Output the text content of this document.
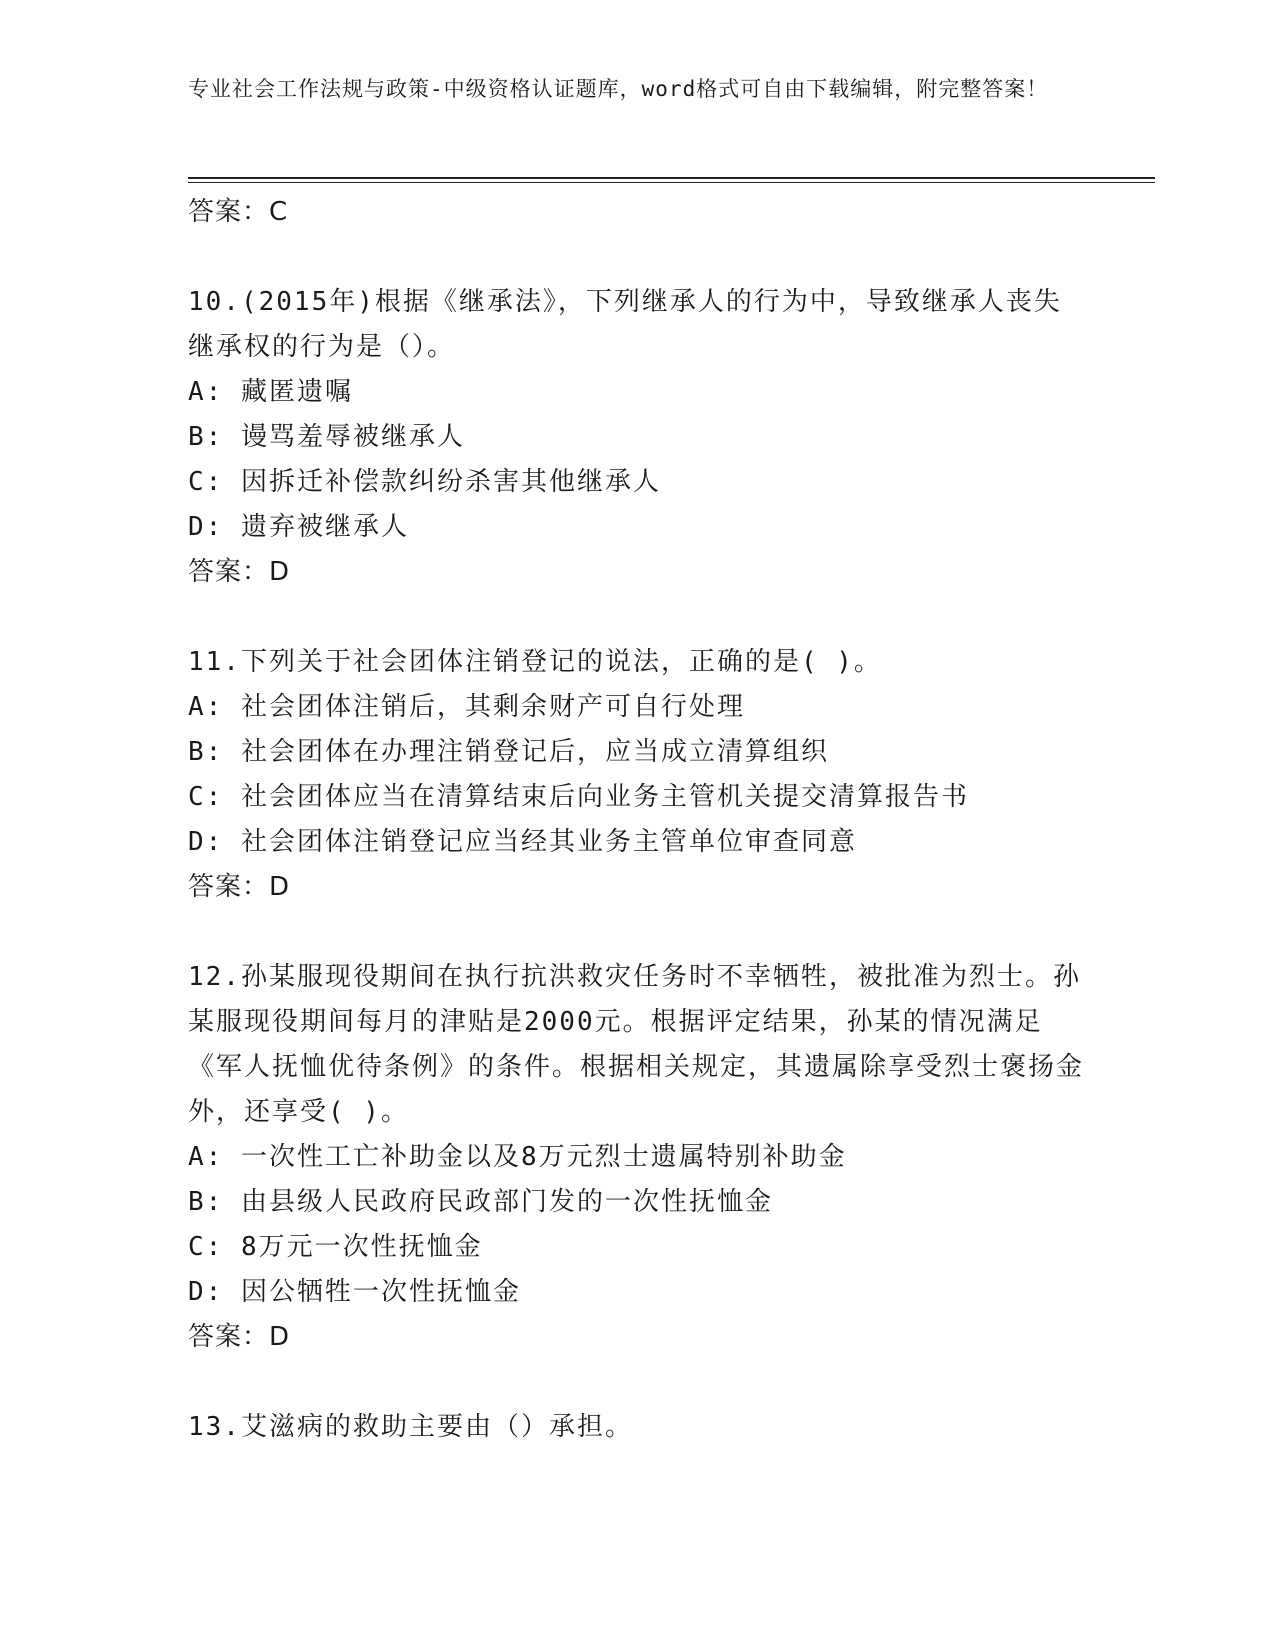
专业社会工作法规与政策-中级资格认证题库，word格式可自由下载编辑，附完整答案！
答案：C
10.(2015年)根据《继承法》，下列继承人的行为中，导致继承人丧失继承权的行为是（）。
A: 藏匿遗嘱
B: 谩骂羞辱被继承人
C: 因拆迁补偿款纠纷杀害其他继承人
D: 遗弃被继承人
答案：D
11.下列关于社会团体注销登记的说法，正确的是( )。
A: 社会团体注销后，其剩余财产可自行处理
B: 社会团体在办理注销登记后，应当成立清算组织
C: 社会团体应当在清算结束后向业务主管机关提交清算报告书
D: 社会团体注销登记应当经其业务主管单位审查同意
答案：D
12.孙某服现役期间在执行抗洪救灾任务时不幸牺牲，被批准为烈士。孙某服现役期间每月的津贴是2000元。根据评定结果，孙某的情况满足《军人抚恤优待条例》的条件。根据相关规定，其遗属除享受烈士褒扬金外，还享受( )。
A: 一次性工亡补助金以及8万元烈士遗属特别补助金
B: 由县级人民政府民政部门发的一次性抚恤金
C: 8万元一次性抚恤金
D: 因公牺牲一次性抚恤金
答案：D
13.艾滋病的救助主要由（）承担。
